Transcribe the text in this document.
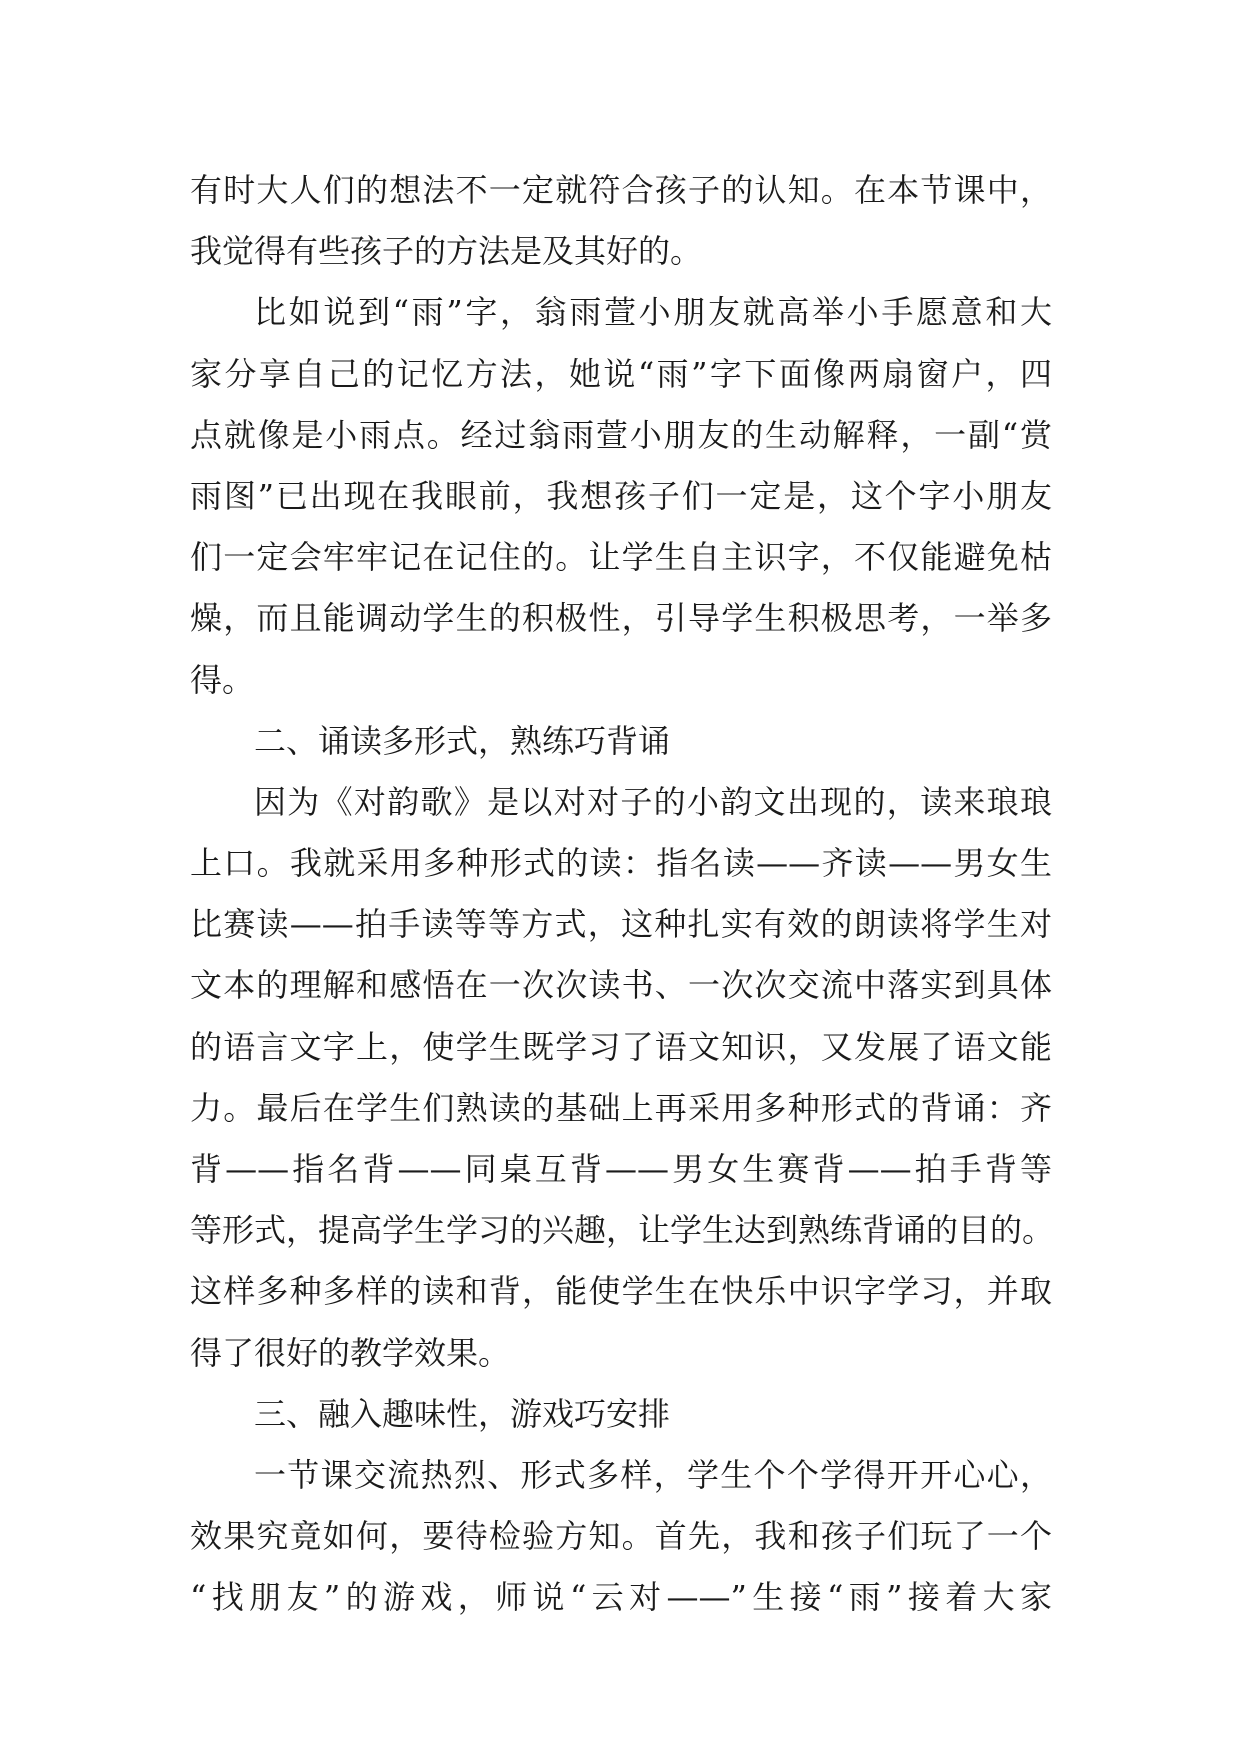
有时大人们的想法不一定就符合孩子的认知。在本节课中，
我觉得有些孩子的方法是及其好的。
比如说到“雨”字，翁雨萱小朋友就高举小手愿意和大
家分享自己的记忆方法，她说“雨”字下面像两扇窗户，四
点就像是小雨点。经过翁雨萱小朋友的生动解释，一副“赏
雨图”已出现在我眼前，我想孩子们一定是，这个字小朋友
们一定会牢牢记在记住的。让学生自主识字，不仅能避免枯
燥，而且能调动学生的积极性，引导学生积极思考，一举多
得。
二、诵读多形式，熟练巧背诵
因为《对韵歌》是以对对子的小韵文出现的，读来琅琅
上口。我就采用多种形式的读：指名读——齐读——男女生
比赛读——拍手读等等方式，这种扎实有效的朗读将学生对
文本的理解和感悟在一次次读书、一次次交流中落实到具体
的语言文字上，使学生既学习了语文知识，又发展了语文能
力。最后在学生们熟读的基础上再采用多种形式的背诵：齐
背——指名背——同桌互背——男女生赛背——拍手背等
等形式，提高学生学习的兴趣，让学生达到熟练背诵的目的。
这样多种多样的读和背，能使学生在快乐中识字学习，并取
得了很好的教学效果。
三、融入趣味性，游戏巧安排
一节课交流热烈、形式多样，学生个个学得开开心心，
效果究竟如何，要待检验方知。首先，我和孩子们玩了一个
“找朋友”的游戏，师说“云对——”生接“雨”接着大家
